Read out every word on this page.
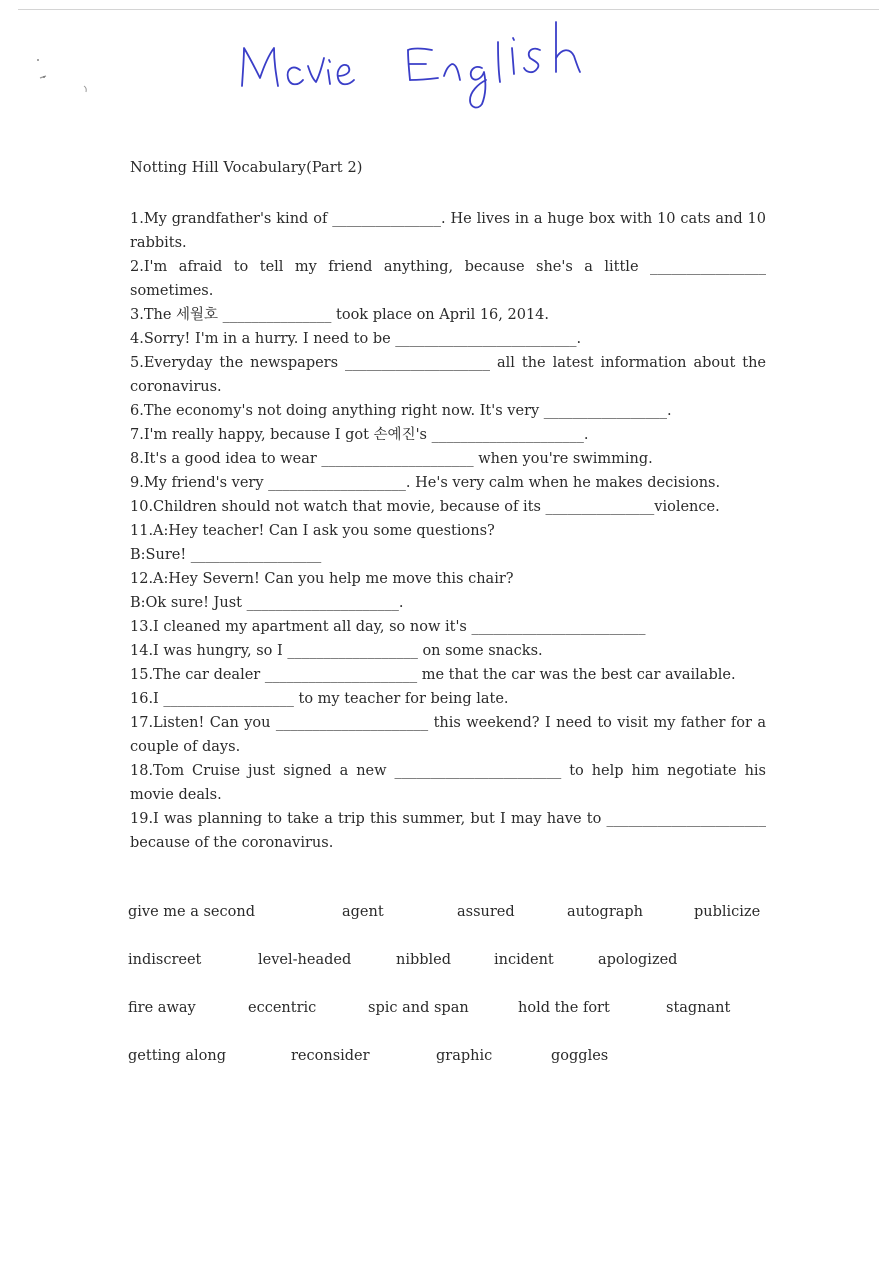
Notting Hill Vocabulary(Part 2)
1.My grandfather's kind of _______________. He lives in a huge box with 10 cats and 10 rabbits.
2.I'm afraid to tell my friend anything, because she's a little ________________ sometimes.
3.The 세월호 _______________ took place on April 16, 2014.
4.Sorry! I'm in a hurry. I need to be _________________________.
5.Everyday the newspapers ____________________ all the latest information about the coronavirus.
6.The economy's not doing anything right now. It's very _________________.
7.I'm really happy, because I got 손예진's _____________________.
8.It's a good idea to wear _____________________ when you're swimming.
9.My friend's very ___________________. He's very calm when he makes decisions.
10.Children should not watch that movie, because of its _______________violence.
11.A:Hey teacher! Can I ask you some questions?
B:Sure! __________________
12.A:Hey Severn! Can you help me move this chair?
B:Ok sure! Just _____________________.
13.I cleaned my apartment all day, so now it's ________________________
14.I was hungry, so I __________________ on some snacks.
15.The car dealer _____________________ me that the car was the best car available.
16.I __________________ to my teacher for being late.
17.Listen! Can you _____________________ this weekend? I need to visit my father for a couple of days.
18.Tom Cruise just signed a new _______________________ to help him negotiate his movie deals.
19.I was planning to take a trip this summer, but I may have to ______________________ because of the coronavirus.
give me a second	agent	assured	autograph	publicize
indiscreet	level-headed	nibbled	incident	apologized
fire away	eccentric	spic and span	hold the fort	stagnant
getting along	reconsider	graphic	goggles
